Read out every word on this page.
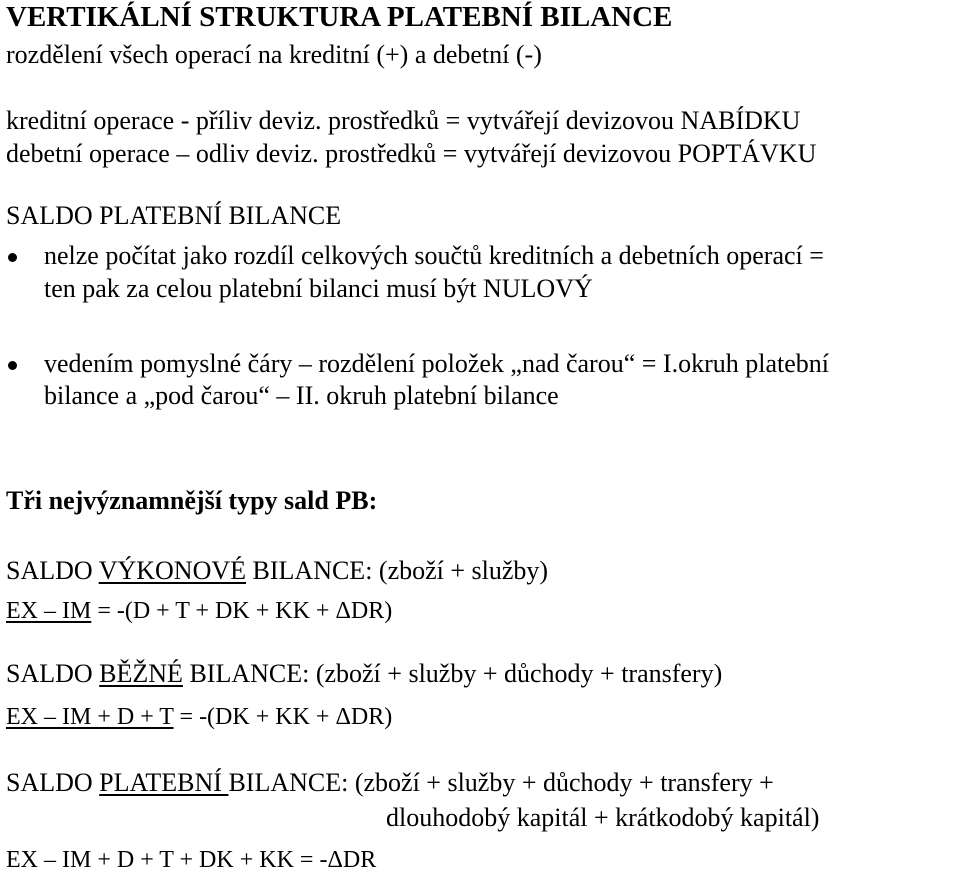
VERTIKÁLNÍ STRUKTURA PLATEBNÍ BILANCE
rozdělení všech operací na kreditní (+) a debetní (-)
kreditní operace - příliv deviz. prostředků = vytvářejí devizovou NABÍDKU
debetní operace – odliv deviz. prostředků = vytvářejí devizovou POPTÁVKU
SALDO PLATEBNÍ BILANCE
nelze počítat jako rozdíl celkových součtů kreditních a debetních operací =
ten pak za celou platební bilanci musí být NULOVÝ
vedením pomyslné čáry – rozdělení položek „nad čarou“ = I.okruh platební
bilance a „pod čarou“ – II. okruh platební bilance
Tři nejvýznamnější typy sald PB:
SALDO VÝKONOVÉ BILANCE: (zboží + služby)
EX – IM = -(D + T + DK + KK + ΔDR)
SALDO BĚŽNÉ BILANCE: (zboží + služby + důchody + transfery)
EX – IM + D + T = -(DK + KK + ΔDR)
SALDO PLATEBNÍ BILANCE: (zboží + služby + důchody + transfery +
dlouhodobý kapitál + krátkodobý kapitál)
EX – IM + D + T + DK + KK = -ΔDR
